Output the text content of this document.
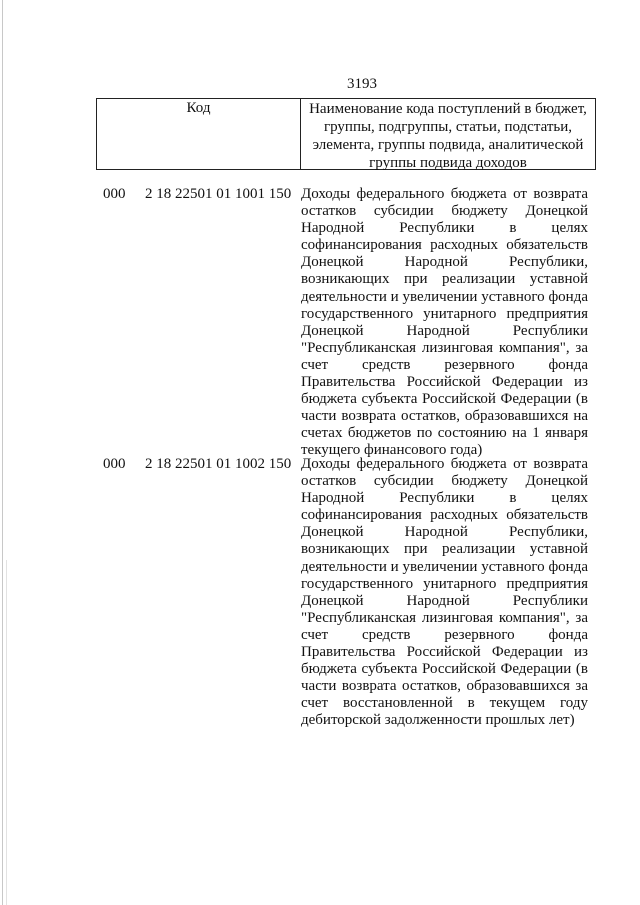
3193
Код	Наименование кода поступлений в бюджет, группы, подгруппы, статьи, подстатьи, элемента, группы подвида, аналитической группы подвида доходов
000 2 18 22501 01 1001 150 Доходы федерального бюджета от возврата остатков субсидии бюджету Донецкой Народной Республики в целях софинансирования расходных обязательств Донецкой Народной Республики, возникающих при реализации уставной деятельности и увеличении уставного фонда государственного унитарного предприятия Донецкой Народной Республики "Республиканская лизинговая компания", за счет средств резервного фонда Правительства Российской Федерации из бюджета субъекта Российской Федерации (в части возврата остатков, образовавшихся на счетах бюджетов по состоянию на 1 января текущего финансового года)
000 2 18 22501 01 1002 150 Доходы федерального бюджета от возврата остатков субсидии бюджету Донецкой Народной Республики в целях софинансирования расходных обязательств Донецкой Народной Республики, возникающих при реализации уставной деятельности и увеличении уставного фонда государственного унитарного предприятия Донецкой Народной Республики "Республиканская лизинговая компания", за счет средств резервного фонда Правительства Российской Федерации из бюджета субъекта Российской Федерации (в части возврата остатков, образовавшихся за счет восстановленной в текущем году дебиторской задолженности прошлых лет)
